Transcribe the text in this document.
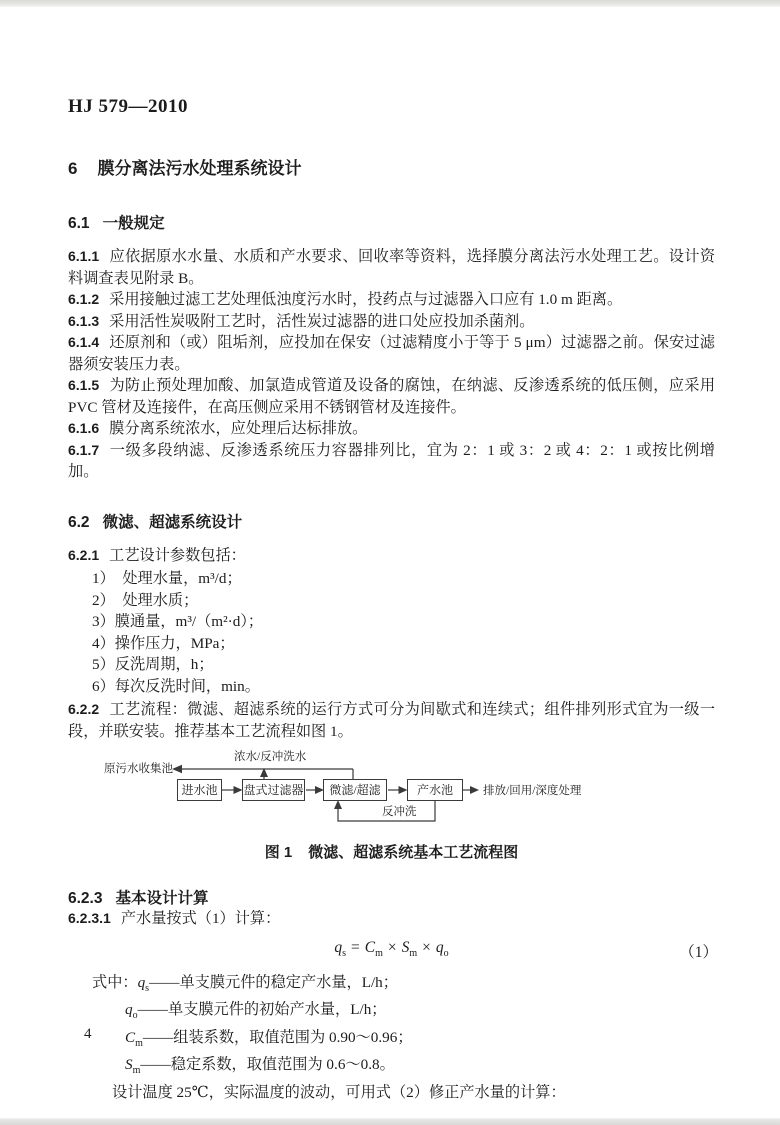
HJ 579—2010
6 膜分离法污水处理系统设计
6.1 一般规定

6.1.1 应依据原水水量、水质和产水要求、回收率等资料，选择膜分离法污水处理工艺。设计资料调查表见附录 B。

6.1.2 采用接触过滤工艺处理低浊度污水时，投药点与过滤器入口应有 1.0 m 距离。

6.1.3 采用活性炭吸附工艺时，活性炭过滤器的进口处应投加杀菌剂。

6.1.4 还原剂和（或）阻垢剂，应投加在保安（过滤精度小于等于 5 μm）过滤器之前。保安过滤器须安装压力表。

6.1.5 为防止预处理加酸、加氯造成管道及设备的腐蚀，在纳滤、反渗透系统的低压侧，应采用 PVC 管材及连接件，在高压侧应采用不锈钢管材及连接件。

6.1.6 膜分离系统浓水，应处理后达标排放。

6.1.7 一级多段纳滤、反渗透系统压力容器排列比，宜为 2：1 或 3：2 或 4：2：1 或按比例增加。

6.2 微滤、超滤系统设计

6.2.1 工艺设计参数包括：

1）　处理水量，m³/d；

2）　处理水质；

3）膜通量，m³/（m²·d）；

4）操作压力，MPa；

5）反洗周期，h；

6）每次反洗时间，min。

6.2.2 工艺流程：微滤、超滤系统的运行方式可分为间歇式和连续式；组件排列形式宜为一级一段，并联安装。推荐基本工艺流程如图 1。

原污水收集池
浓水/反冲洗水
进水池	盘式过滤器	微滤/超滤	产水池	排放/回用/深度处理
反冲洗
图 1 微滤、超滤系统基本工艺流程图
6.2.3 基本设计计算

6.2.3.1 产水量按式（1）计算：

$q_s = C_m \times S_m \times q_o$	（1）

式中：$q_s——$单支膜元件的稳定产水量，L/h；

$q_o——$单支膜元件的初始产水量，L/h；

$C_m——$组装系数，取值范围为 0.90～0.96；

$S_m——$稳定系数，取值范围为 0.6～0.8。

设计温度 25℃，实际温度的波动，可用式（2）修正产水量的计算：

4
